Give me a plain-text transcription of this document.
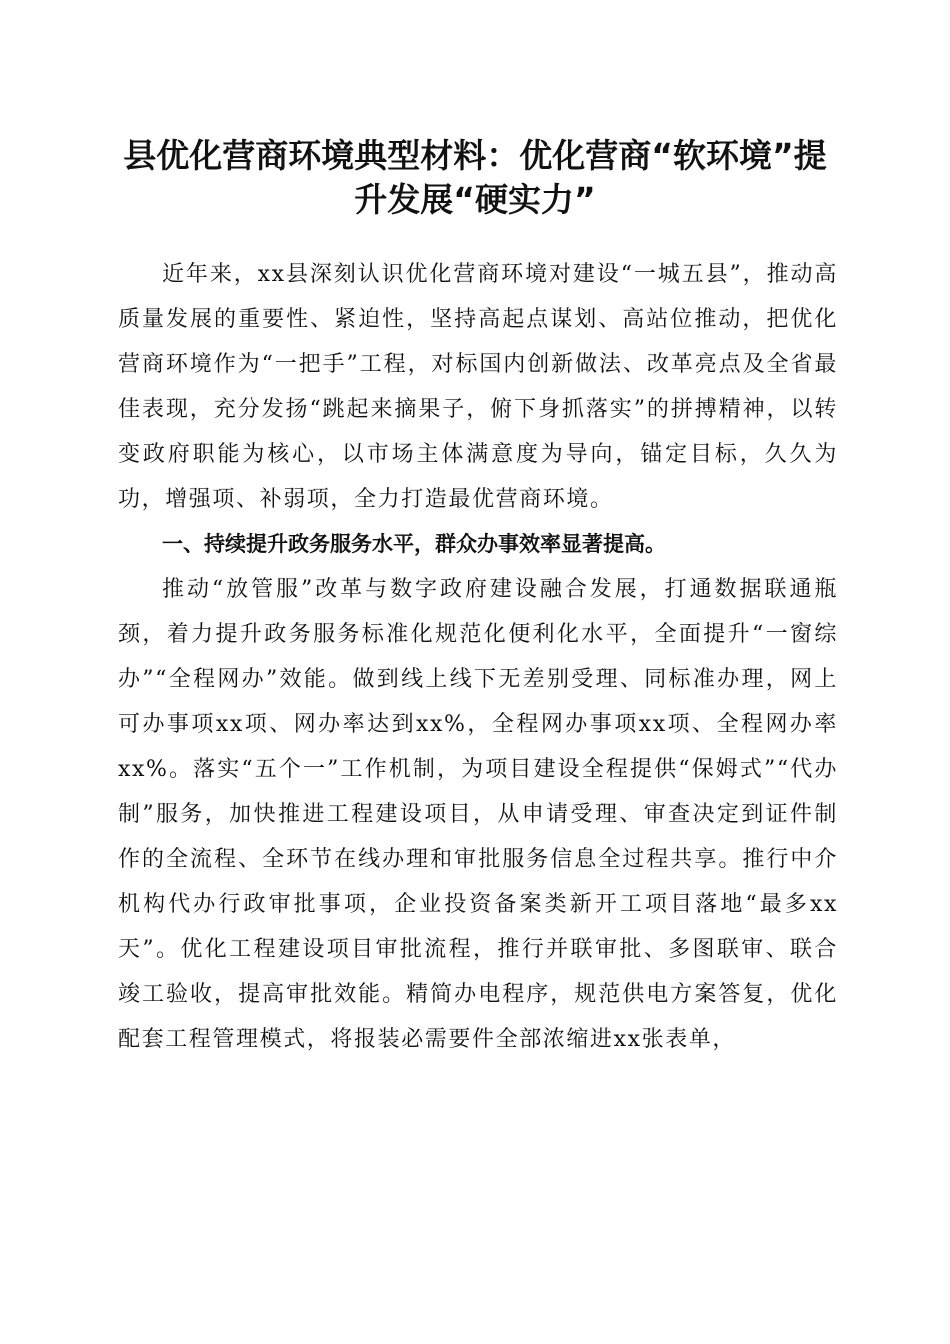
县优化营商环境典型材料：优化营商“软环境”提升发展“硬实力”

近年来，xx县深刻认识优化营商环境对建设“一城五县”，推动高质量发展的重要性、紧迫性，坚持高起点谋划、高站位推动，把优化营商环境作为“一把手”工程，对标国内创新做法、改革亮点及全省最佳表现，充分发扬“跳起来摘果子，俯下身抓落实”的拼搏精神，以转变政府职能为核心，以市场主体满意度为导向，锚定目标，久久为功，增强项、补弱项，全力打造最优营商环境。

一、持续提升政务服务水平，群众办事效率显著提高。

推动“放管服”改革与数字政府建设融合发展，打通数据联通瓶颈，着力提升政务服务标准化规范化便利化水平，全面提升“一窗综办”“全程网办”效能。做到线上线下无差别受理、同标准办理，网上可办事项xx项、网办率达到xx%，全程网办事项xx项、全程网办率xx%。落实“五个一”工作机制，为项目建设全程提供“保姆式”“代办制”服务，加快推进工程建设项目，从申请受理、审查决定到证件制作的全流程、全环节在线办理和审批服务信息全过程共享。推行中介机构代办行政审批事项，企业投资备案类新开工项目落地“最多xx天”。优化工程建设项目审批流程，推行并联审批、多图联审、联合竣工验收，提高审批效能。精简办电程序，规范供电方案答复，优化配套工程管理模式，将报装必需要件全部浓缩进xx张表单，
